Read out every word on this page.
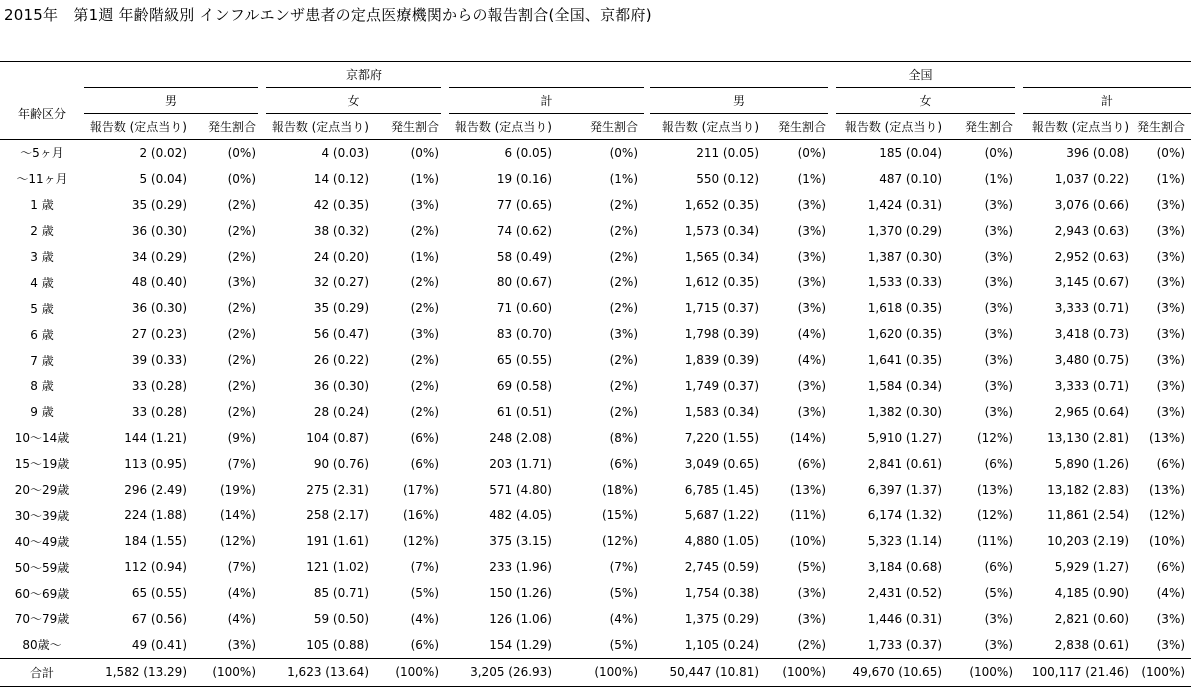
2015年　第1週 年齢階級別 インフルエンザ患者の定点医療機関からの報告割合(全国、京都府)
	京都府							全国					
年齢区分	男		女		計			男		女		計	
	報告数 (定点当り)	発生割合	報告数 (定点当り)	発生割合	報告数 (定点当り)	発生割合		報告数 (定点当り)	発生割合	報告数 (定点当り)	発生割合	報告数 (定点当り)	発生割合
〜5ヶ月	2 (0.02)	(0%)	4 (0.03)	(0%)	6 (0.05)	(0%)		211 (0.05)	(0%)	185 (0.04)	(0%)	396 (0.08)	(0%)
〜11ヶ月	5 (0.04)	(0%)	14 (0.12)	(1%)	19 (0.16)	(1%)		550 (0.12)	(1%)	487 (0.10)	(1%)	1,037 (0.22)	(1%)
1 歳	35 (0.29)	(2%)	42 (0.35)	(3%)	77 (0.65)	(2%)		1,652 (0.35)	(3%)	1,424 (0.31)	(3%)	3,076 (0.66)	(3%)
2 歳	36 (0.30)	(2%)	38 (0.32)	(2%)	74 (0.62)	(2%)		1,573 (0.34)	(3%)	1,370 (0.29)	(3%)	2,943 (0.63)	(3%)
3 歳	34 (0.29)	(2%)	24 (0.20)	(1%)	58 (0.49)	(2%)		1,565 (0.34)	(3%)	1,387 (0.30)	(3%)	2,952 (0.63)	(3%)
4 歳	48 (0.40)	(3%)	32 (0.27)	(2%)	80 (0.67)	(2%)		1,612 (0.35)	(3%)	1,533 (0.33)	(3%)	3,145 (0.67)	(3%)
5 歳	36 (0.30)	(2%)	35 (0.29)	(2%)	71 (0.60)	(2%)		1,715 (0.37)	(3%)	1,618 (0.35)	(3%)	3,333 (0.71)	(3%)
6 歳	27 (0.23)	(2%)	56 (0.47)	(3%)	83 (0.70)	(3%)		1,798 (0.39)	(4%)	1,620 (0.35)	(3%)	3,418 (0.73)	(3%)
7 歳	39 (0.33)	(2%)	26 (0.22)	(2%)	65 (0.55)	(2%)		1,839 (0.39)	(4%)	1,641 (0.35)	(3%)	3,480 (0.75)	(3%)
8 歳	33 (0.28)	(2%)	36 (0.30)	(2%)	69 (0.58)	(2%)		1,749 (0.37)	(3%)	1,584 (0.34)	(3%)	3,333 (0.71)	(3%)
9 歳	33 (0.28)	(2%)	28 (0.24)	(2%)	61 (0.51)	(2%)		1,583 (0.34)	(3%)	1,382 (0.30)	(3%)	2,965 (0.64)	(3%)
10〜14歳	144 (1.21)	(9%)	104 (0.87)	(6%)	248 (2.08)	(8%)		7,220 (1.55)	(14%)	5,910 (1.27)	(12%)	13,130 (2.81)	(13%)
15〜19歳	113 (0.95)	(7%)	90 (0.76)	(6%)	203 (1.71)	(6%)		3,049 (0.65)	(6%)	2,841 (0.61)	(6%)	5,890 (1.26)	(6%)
20〜29歳	296 (2.49)	(19%)	275 (2.31)	(17%)	571 (4.80)	(18%)		6,785 (1.45)	(13%)	6,397 (1.37)	(13%)	13,182 (2.83)	(13%)
30〜39歳	224 (1.88)	(14%)	258 (2.17)	(16%)	482 (4.05)	(15%)		5,687 (1.22)	(11%)	6,174 (1.32)	(12%)	11,861 (2.54)	(12%)
40〜49歳	184 (1.55)	(12%)	191 (1.61)	(12%)	375 (3.15)	(12%)		4,880 (1.05)	(10%)	5,323 (1.14)	(11%)	10,203 (2.19)	(10%)
50〜59歳	112 (0.94)	(7%)	121 (1.02)	(7%)	233 (1.96)	(7%)		2,745 (0.59)	(5%)	3,184 (0.68)	(6%)	5,929 (1.27)	(6%)
60〜69歳	65 (0.55)	(4%)	85 (0.71)	(5%)	150 (1.26)	(5%)		1,754 (0.38)	(3%)	2,431 (0.52)	(5%)	4,185 (0.90)	(4%)
70〜79歳	67 (0.56)	(4%)	59 (0.50)	(4%)	126 (1.06)	(4%)		1,375 (0.29)	(3%)	1,446 (0.31)	(3%)	2,821 (0.60)	(3%)
80歳〜	49 (0.41)	(3%)	105 (0.88)	(6%)	154 (1.29)	(5%)		1,105 (0.24)	(2%)	1,733 (0.37)	(3%)	2,838 (0.61)	(3%)
合計	1,582 (13.29)	(100%)	1,623 (13.64)	(100%)	3,205 (26.93)	(100%)		50,447 (10.81)	(100%)	49,670 (10.65)	(100%)	100,117 (21.46)	(100%)
